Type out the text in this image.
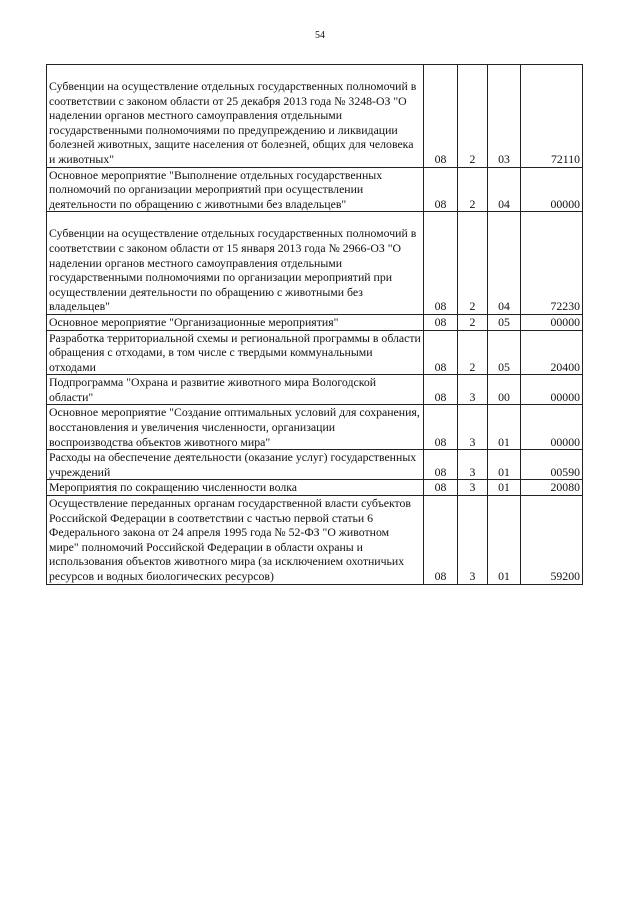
54
Субвенции на осуществление отдельных государственных полномочий в соответствии с законом области от 25 декабря 2013 года № 3248-ОЗ "О наделении органов местного самоуправления отдельными государственными полномочиями по предупреждению и ликвидации болезней животных, защите населения от болезней, общих для человека и животных"	08	2	03	72110
Основное мероприятие "Выполнение отдельных государственных полномочий по организации мероприятий при осуществлении деятельности по обращению с животными без владельцев"	08	2	04	00000
Субвенции на осуществление отдельных государственных полномочий в соответствии с законом области от 15 января 2013 года № 2966-ОЗ "О наделении органов местного самоуправления отдельными государственными полномочиями по организации мероприятий при осуществлении деятельности по обращению с животными без владельцев"	08	2	04	72230
Основное мероприятие "Организационные мероприятия"	08	2	05	00000
Разработка территориальной схемы и региональной программы в области обращения с отходами, в том числе с твердыми коммунальными отходами	08	2	05	20400
Подпрограмма "Охрана и развитие животного мира Вологодской области"	08	3	00	00000
Основное мероприятие "Создание оптимальных условий для сохранения, восстановления и увеличения численности, организации воспроизводства объектов животного мира"	08	3	01	00000
Расходы на обеспечение деятельности (оказание услуг) государственных учреждений	08	3	01	00590
Мероприятия по сокращению численности волка	08	3	01	20080
Осуществление переданных органам государственной власти субъектов Российской Федерации в соответствии с частью первой статьи 6 Федерального закона от 24 апреля 1995 года № 52-ФЗ "О животном мире" полномочий Российской Федерации в области охраны и использования объектов животного мира (за исключением охотничьих ресурсов и водных биологических ресурсов)	08	3	01	59200
